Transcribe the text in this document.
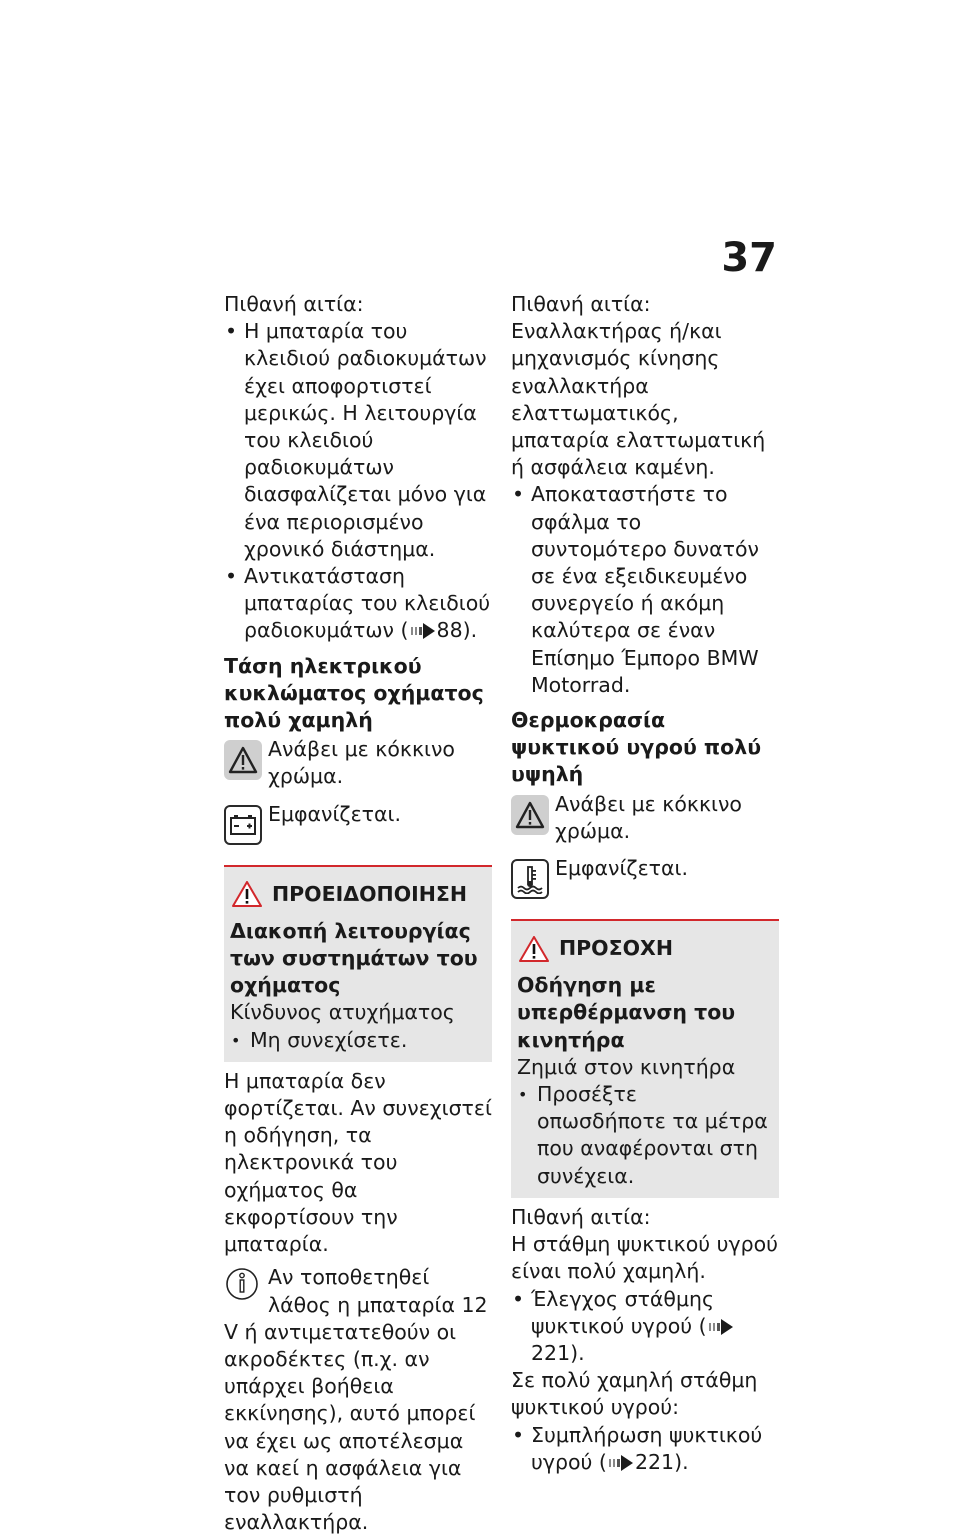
37

Πιθανή αιτία:

• Η μπαταρία του κλειδιού ραδιοκυμάτων έχει αποφορτιστεί μερικώς. Η λειτουργία του κλειδιού ραδιοκυμάτων διασφαλίζεται μόνο για ένα περιορισμένο χρονικό διάστημα.

• Αντικατάσταση μπαταρίας του κλειδιού ραδιοκυμάτων ( 88).

Τάση ηλεκτρικού κυκλώματος οχήματος πολύ χαμηλή

Ανάβει με κόκκινο χρώμα.
Εμφανίζεται.
ΠΡΟΕΙΔΟΠΟΙΗΣΗ

Διακοπή λειτουργίας των συστημάτων του οχήματος

Κίνδυνος ατυχήματος

• Μη συνεχίσετε.

Η μπαταρία δεν φορτίζεται. Αν συνεχιστεί η οδήγηση, τα ηλεκτρονικά του οχήματος θα εκφορτίσουν την μπαταρία.

Αν τοποθετηθεί λάθος η μπαταρία 12 V ή αντιμετατεθούν οι ακροδέκτες (π.χ. αν υπάρχει βοήθεια εκκίνησης), αυτό μπορεί να έχει ως αποτέλεσμα να καεί η ασφάλεια για τον ρυθμιστή εναλλακτήρα.

Πιθανή αιτία:

Εναλλακτήρας ή/και μηχανισμός κίνησης εναλλακτήρα ελαττωματικός, μπαταρία ελαττωματική ή ασφάλεια καμένη.

• Αποκαταστήστε το σφάλμα το συντομότερο δυνατόν σε ένα εξειδικευμένο συνεργείο ή ακόμη καλύτερα σε έναν Επίσημο Έμπορο BMW Motorrad.

Θερμοκρασία ψυκτικού υγρού πολύ υψηλή

Ανάβει με κόκκινο χρώμα.
Εμφανίζεται.
ΠΡΟΣΟΧΗ

Οδήγηση με υπερθέρμανση του κινητήρα

Ζημιά στον κινητήρα

• Προσέξτε οπωσδήποτε τα μέτρα που αναφέρονται στη συνέχεια.

Πιθανή αιτία:

Η στάθμη ψυκτικού υγρού είναι πολύ χαμηλή.

• Έλεγχος στάθμης ψυκτικού υγρού (221).

Σε πολύ χαμηλή στάθμη ψυκτικού υγρού:

• Συμπλήρωση ψυκτικού υγρού ( 221).
